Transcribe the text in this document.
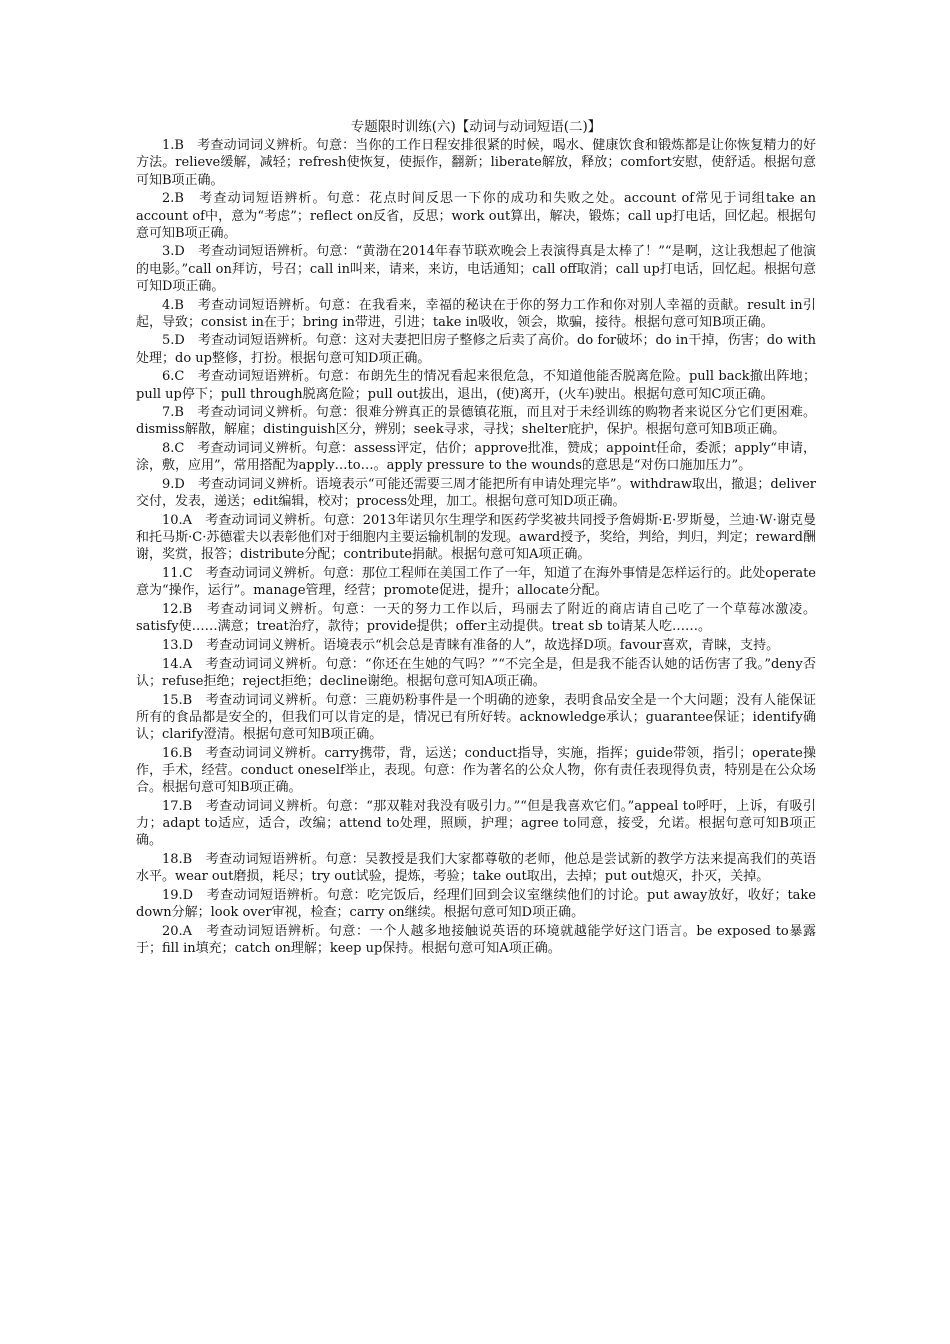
专题限时训练(六)【动词与动词短语(二)】

1.B　考查动词词义辨析。句意：当你的工作日程安排很紧的时候，喝水、健康饮食和锻炼都是让你恢复精力的好方法。relieve缓解，减轻；refresh使恢复，使振作，翻新；liberate解放，释放；comfort安慰，使舒适。根据句意可知B项正确。

2.B　考查动词短语辨析。句意：花点时间反思一下你的成功和失败之处。account of常见于词组take an account of中，意为“考虑”；reflect on反省，反思；work out算出，解决，锻炼；call up打电话，回忆起。根据句意可知B项正确。

3.D　考查动词短语辨析。句意：“黄渤在2014年春节联欢晚会上表演得真是太棒了！”“是啊，这让我想起了他演的电影。”call on拜访，号召；call in叫来，请来，来访，电话通知；call off取消；call up打电话，回忆起。根据句意可知D项正确。

4.B　考查动词短语辨析。句意：在我看来，幸福的秘诀在于你的努力工作和你对别人幸福的贡献。result in引起，导致；consist in在于；bring in带进，引进；take in吸收，领会，欺骗，接待。根据句意可知B项正确。

5.D　考查动词短语辨析。句意：这对夫妻把旧房子整修之后卖了高价。do for破坏；do in干掉，伤害；do with处理；do up整修，打扮。根据句意可知D项正确。

6.C　考查动词短语辨析。句意：布朗先生的情况看起来很危急，不知道他能否脱离危险。pull back撤出阵地；pull up停下；pull through脱离危险；pull out拔出，退出，(使)离开，(火车)驶出。根据句意可知C项正确。

7.B　考查动词词义辨析。句意：很难分辨真正的景德镇花瓶，而且对于未经训练的购物者来说区分它们更困难。dismiss解散，解雇；distinguish区分，辨别；seek寻求，寻找；shelter庇护，保护。根据句意可知B项正确。

8.C　考查动词词义辨析。句意：assess评定，估价；approve批准，赞成；appoint任命，委派；apply“申请，涂，敷，应用”，常用搭配为apply…to…。apply pressure to the wounds的意思是“对伤口施加压力”。

9.D　考查动词词义辨析。语境表示“可能还需要三周才能把所有申请处理完毕”。withdraw取出，撤退；deliver交付，发表，递送；edit编辑，校对；process处理，加工。根据句意可知D项正确。

10.A　考查动词词义辨析。句意：2013年诺贝尔生理学和医药学奖被共同授予詹姆斯·E·罗斯曼，兰迪·W·谢克曼和托马斯·C·苏德霍夫以表彰他们对于细胞内主要运输机制的发现。award授予，奖给，判给，判归，判定；reward酬谢，奖赏，报答；distribute分配；contribute捐献。根据句意可知A项正确。

11.C　考查动词词义辨析。句意：那位工程师在美国工作了一年，知道了在海外事情是怎样运行的。此处operate意为“操作，运行”。manage管理，经营；promote促进，提升；allocate分配。

12.B　考查动词词义辨析。句意：一天的努力工作以后，玛丽去了附近的商店请自己吃了一个草莓冰激凌。satisfy使……满意；treat治疗，款待；provide提供；offer主动提供。treat sb to请某人吃……。

13.D　考查动词词义辨析。语境表示“机会总是青睐有准备的人”，故选择D项。favour喜欢，青睐，支持。

14.A　考查动词词义辨析。句意：“你还在生她的气吗？”“不完全是，但是我不能否认她的话伤害了我。”deny否认；refuse拒绝；reject拒绝；decline谢绝。根据句意可知A项正确。

15.B　考查动词词义辨析。句意：三鹿奶粉事件是一个明确的迹象，表明食品安全是一个大问题；没有人能保证所有的食品都是安全的，但我们可以肯定的是，情况已有所好转。acknowledge承认；guarantee保证；identify确认；clarify澄清。根据句意可知B项正确。

16.B　考查动词词义辨析。carry携带，背，运送；conduct指导，实施，指挥；guide带领，指引；operate操作，手术，经营。conduct oneself举止，表现。句意：作为著名的公众人物，你有责任表现得负责，特别是在公众场合。根据句意可知B项正确。

17.B　考查动词词义辨析。句意：“那双鞋对我没有吸引力。”“但是我喜欢它们。”appeal to呼吁，上诉，有吸引力；adapt to适应，适合，改编；attend to处理，照顾，护理；agree to同意，接受，允诺。根据句意可知B项正确。

18.B　考查动词短语辨析。句意：吴教授是我们大家都尊敬的老师，他总是尝试新的教学方法来提高我们的英语水平。wear out磨损，耗尽；try out试验，提炼，考验；take out取出，去掉；put out熄灭，扑灭，关掉。

19.D　考查动词短语辨析。句意：吃完饭后，经理们回到会议室继续他们的讨论。put away放好，收好；take down分解；look over审视，检查；carry on继续。根据句意可知D项正确。

20.A　考查动词短语辨析。句意：一个人越多地接触说英语的环境就越能学好这门语言。be exposed to暴露于；fill in填充；catch on理解；keep up保持。根据句意可知A项正确。
